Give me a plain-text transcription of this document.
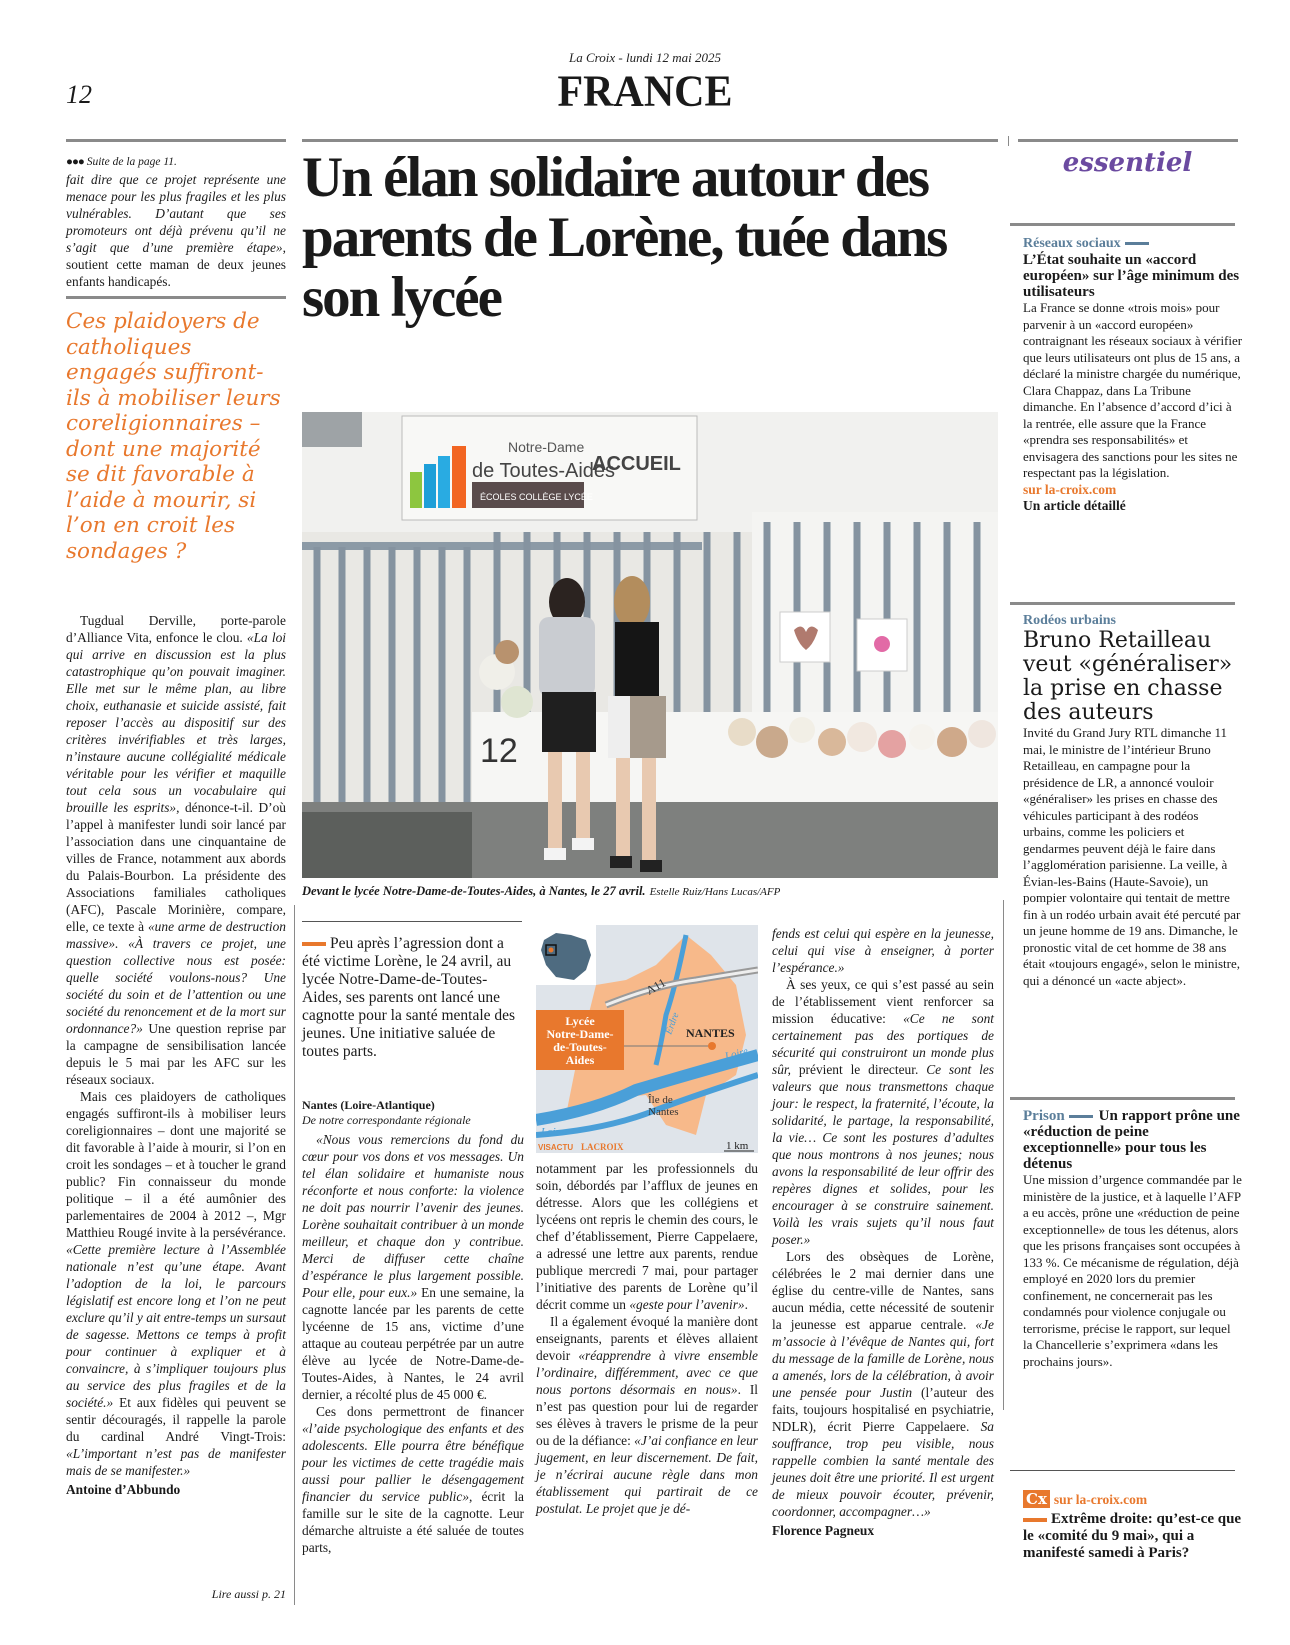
La Croix - lundi 12 mai 2025
FRANCE
12
●●● Suite de la page 11.

fait dire que ce projet représente une menace pour les plus fragiles et les plus vulnérables. D’autant que ses promoteurs ont déjà prévenu qu’il ne s’agit que d’une première étape», soutient cette maman de deux jeunes enfants handicapés.

Ces plaidoyers de catholiques engagés suffiront-ils à mobiliser leurs coreligionnaires – dont une majorité se dit favorable à l’aide à mourir, si l’on en croit les sondages ?

Tugdual Derville, porte-parole d’Alliance Vita, enfonce le clou. «La loi qui arrive en discussion est la plus catastrophique qu’on pouvait imaginer. Elle met sur le même plan, au libre choix, euthanasie et suicide assisté, fait reposer l’accès au dispositif sur des critères invérifiables et très larges, n’instaure aucune collégialité médicale véritable pour les vérifier et maquille tout cela sous un vocabulaire qui brouille les esprits», dénonce-t-il. D’où l’appel à manifester lundi soir lancé par l’association dans une cinquantaine de villes de France, notamment aux abords du Palais-Bourbon. La présidente des Associations familiales catholiques (AFC), Pascale Morinière, compare, elle, ce texte à «une arme de destruction massive». «À travers ce projet, une question collective nous est posée: quelle société voulons-nous? Une société du soin et de l’attention ou une société du renoncement et de la mort sur ordonnance?» Une question reprise par la campagne de sensibilisation lancée depuis le 5 mai par les AFC sur les réseaux sociaux.

Mais ces plaidoyers de catholiques engagés suffiront-ils à mobiliser leurs coreligionnaires – dont une majorité se dit favorable à l’aide à mourir, si l’on en croit les sondages – et à toucher le grand public? Fin connaisseur du monde politique – il a été aumônier des parlementaires de 2004 à 2012 –, Mgr Matthieu Rougé invite à la persévérance. «Cette première lecture à l’Assemblée nationale n’est qu’une étape. Avant l’adoption de la loi, le parcours législatif est encore long et l’on ne peut exclure qu’il y ait entre-temps un sursaut de sagesse. Mettons ce temps à profit pour continuer à expliquer et à convaincre, à s’impliquer toujours plus au service des plus fragiles et de la société.» Et aux fidèles qui peuvent se sentir découragés, il rappelle la parole du cardinal André Vingt-Trois: «L’important n’est pas de manifester mais de se manifester.»

Antoine d’Abbundo
Lire aussi p. 21
Un élan solidaire autour des parents de Lorène, tuée dans son lycée
Notre-Dame
de Toutes-Aides
ACCUEIL
ÉCOLES COLLÈGE LYCÉE
12
Devant le lycée Notre-Dame-de-Toutes-Aides, à Nantes, le 27 avril. Estelle Ruiz/Hans Lucas/AFP
Peu après l’agression dont a été victime Lorène, le 24 avril, au lycée Notre-Dame-de-Toutes-Aides, ses parents ont lancé une cagnotte pour la santé mentale des jeunes. Une initiative saluée de toutes parts.
Nantes (Loire-Atlantique)
De notre correspondante régionale

«Nous vous remercions du fond du cœur pour vos dons et vos messages. Un tel élan solidaire et humaniste nous réconforte et nous conforte: la violence ne doit pas nourrir l’avenir des jeunes. Lorène souhaitait contribuer à un monde meilleur, et chaque don y contribue. Merci de diffuser cette chaîne d’espérance le plus largement possible. Pour elle, pour eux.» En une semaine, la cagnotte lancée par les parents de cette lycéenne de 15 ans, victime d’une attaque au couteau perpétrée par un autre élève au lycée de Notre-Dame-de-Toutes-Aides, à Nantes, le 24 avril dernier, a récolté plus de 45 000 €.

Ces dons permettront de financer «l’aide psychologique des enfants et des adolescents. Elle pourra être bénéfique pour les victimes de cette tragédie mais aussi pour pallier le désengagement financier du service public», écrit la famille sur le site de la cagnotte. Leur démarche altruiste a été saluée de toutes parts,

A11
Erdre
Lycée
Notre-Dame-
de-Toutes-
Aides
NANTES
Loire
Loire
Île de
Nantes
1 km
VISACTU LACROIX

notamment par les professionnels du soin, débordés par l’afflux de jeunes en détresse. Alors que les collégiens et lycéens ont repris le chemin des cours, le chef d’établissement, Pierre Cappelaere, a adressé une lettre aux parents, rendue publique mercredi 7 mai, pour partager l’initiative des parents de Lorène qu’il décrit comme un «geste pour l’avenir».

Il a également évoqué la manière dont enseignants, parents et élèves allaient devoir «réapprendre à vivre ensemble l’ordinaire, différemment, avec ce que nous portons désormais en nous». Il n’est pas question pour lui de regarder ses élèves à travers le prisme de la peur ou de la défiance: «J’ai confiance en leur jugement, en leur discernement. De fait, je n’écrirai aucune règle dans mon établissement qui partirait de ce postulat. Le projet que je dé-

fends est celui qui espère en la jeunesse, celui qui vise à enseigner, à porter l’espérance.»

À ses yeux, ce qui s’est passé au sein de l’établissement vient renforcer sa mission éducative: «Ce ne sont certainement pas des portiques de sécurité qui construiront un monde plus sûr, prévient le directeur. Ce sont les valeurs que nous transmettons chaque jour: le respect, la fraternité, l’écoute, la solidarité, le partage, la responsabilité, la vie… Ce sont les postures d’adultes que nous montrons à nos jeunes; nous avons la responsabilité de leur offrir des repères dignes et solides, pour les encourager à se construire sainement. Voilà les vrais sujets qu’il nous faut poser.»

Lors des obsèques de Lorène, célébrées le 2 mai dernier dans une église du centre-ville de Nantes, sans aucun média, cette nécessité de soutenir la jeunesse est apparue centrale. «Je m’associe à l’évêque de Nantes qui, fort du message de la famille de Lorène, nous a amenés, lors de la célébration, à avoir une pensée pour Justin (l’auteur des faits, toujours hospitalisé en psychiatrie, NDLR), écrit Pierre Cappelaere. Sa souffrance, trop peu visible, nous rappelle combien la santé mentale des jeunes doit être une priorité. Il est urgent de mieux pouvoir écouter, prévenir, coordonner, accompagner…»

Florence Pagneux
essentiel
Réseaux sociaux
L’État souhaite un «accord européen» sur l’âge minimum des utilisateurs
La France se donne «trois mois» pour parvenir à un «accord européen» contraignant les réseaux sociaux à vérifier que leurs utilisateurs ont plus de 15 ans, a déclaré la ministre chargée du numérique, Clara Chappaz, dans La Tribune dimanche. En l’absence d’accord d’ici à la rentrée, elle assure que la France «prendra ses responsabilités» et envisagera des sanctions pour les sites ne respectant pas la législation.
sur la-croix.com
Un article détaillé
Rodéos urbains
Bruno Retailleau veut «généraliser» la prise en chasse des auteurs
Invité du Grand Jury RTL dimanche 11 mai, le ministre de l’intérieur Bruno Retailleau, en campagne pour la présidence de LR, a annoncé vouloir «généraliser» les prises en chasse des véhicules participant à des rodéos urbains, comme les policiers et gendarmes peuvent déjà le faire dans l’agglomération parisienne. La veille, à Évian-les-Bains (Haute-Savoie), un pompier volontaire qui tentait de mettre fin à un rodéo urbain avait été percuté par un jeune homme de 19 ans. Dimanche, le pronostic vital de cet homme de 38 ans était «toujours engagé», selon le ministre, qui a dénoncé un «acte abject».
Prison Un rapport prône une «réduction de peine exceptionnelle» pour tous les détenus
Une mission d’urgence commandée par le ministère de la justice, et à laquelle l’AFP a eu accès, prône une «réduction de peine exceptionnelle» de tous les détenus, alors que les prisons françaises sont occupées à 133 %. Ce mécanisme de régulation, déjà employé en 2020 lors du premier confinement, ne concernerait pas les condamnés pour violence conjugale ou terrorisme, précise le rapport, sur lequel la Chancellerie s’exprimera «dans les prochains jours».
Cx sur la-croix.com
Extrême droite: qu’est-ce que le «comité du 9 mai», qui a manifesté samedi à Paris?
